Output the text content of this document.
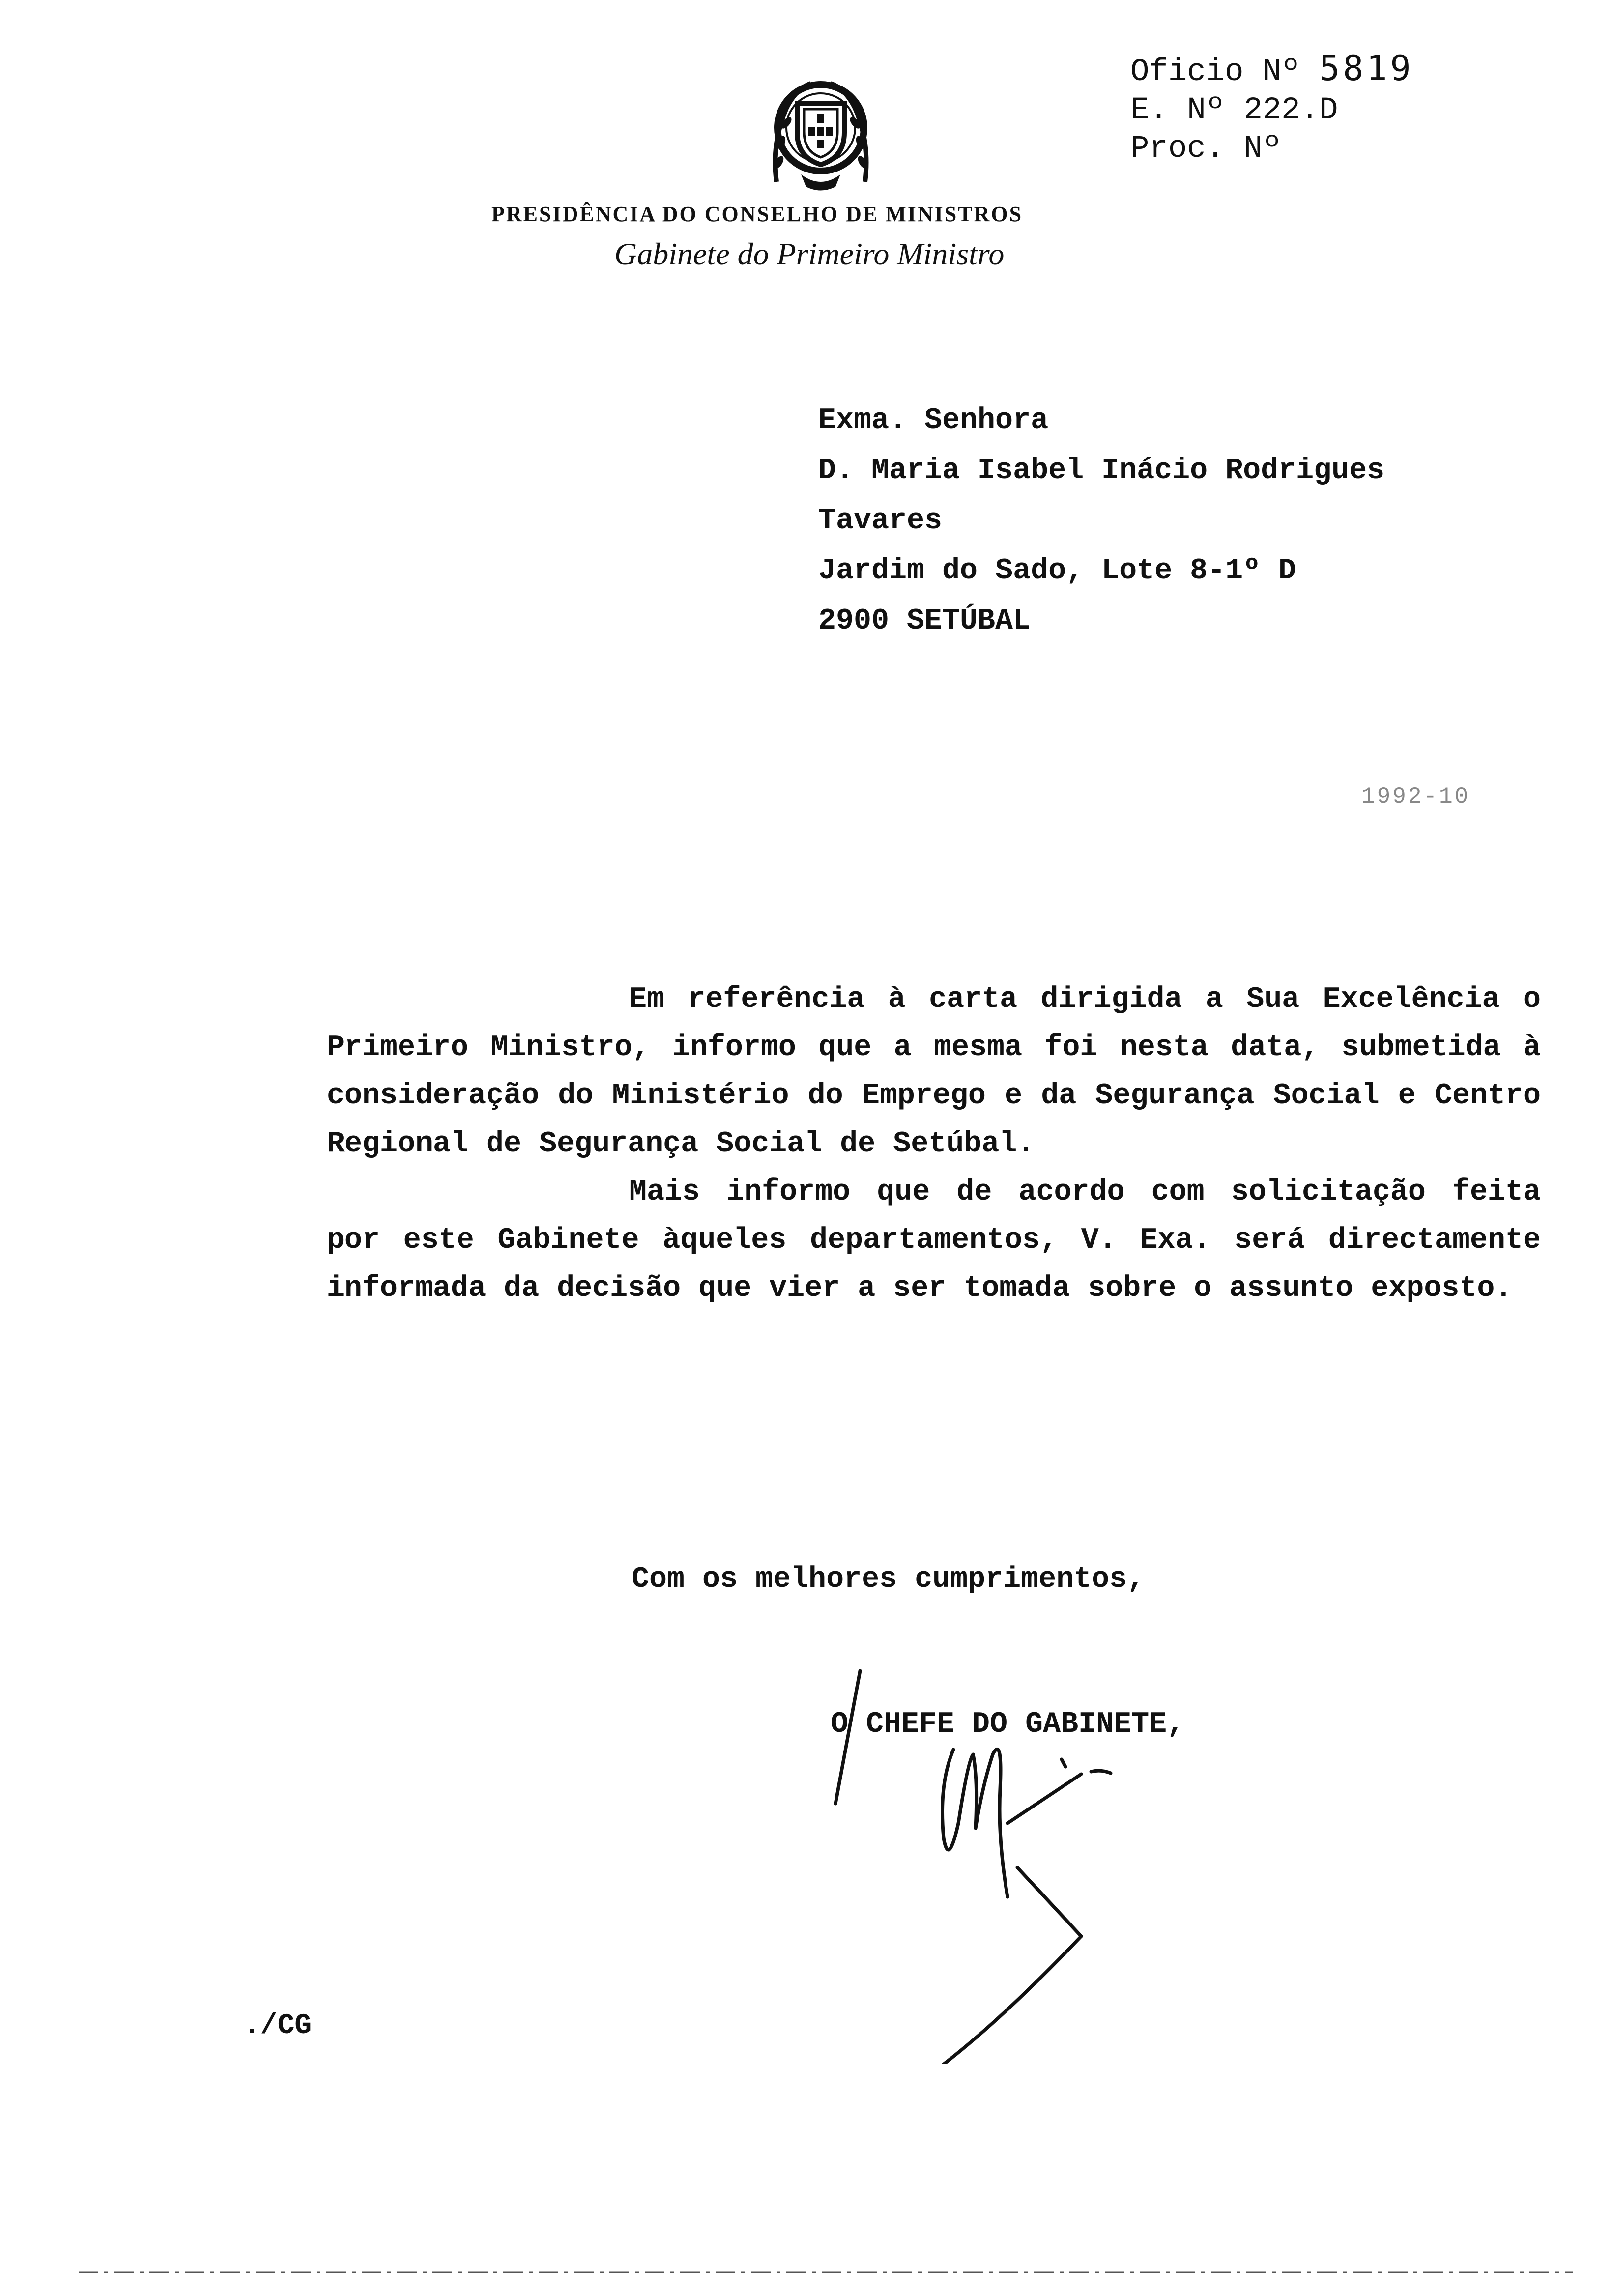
Oficio Nº 5819
E. Nº 222.D
Proc. Nº
PRESIDÊNCIA DO CONSELHO DE MINISTROS
Gabinete do Primeiro Ministro
Exma. Senhora
D. Maria Isabel Inácio Rodrigues
Tavares
Jardim do Sado, Lote 8-1º D
2900 SETÚBAL
1992-10

Em referência à carta dirigida a Sua Excelência o Primeiro Ministro, informo que a mesma foi nesta data, submetida à consideração do Ministério do Emprego e da Segurança Social e Centro Regional de Segurança Social de Setúbal.

Mais informo que de acordo com solicitação feita por este Gabinete àqueles departamentos, V. Exa. será directamente informada da decisão que vier a ser tomada sobre o assunto exposto.

Com os melhores cumprimentos,
O CHEFE DO GABINETE,
./CG
